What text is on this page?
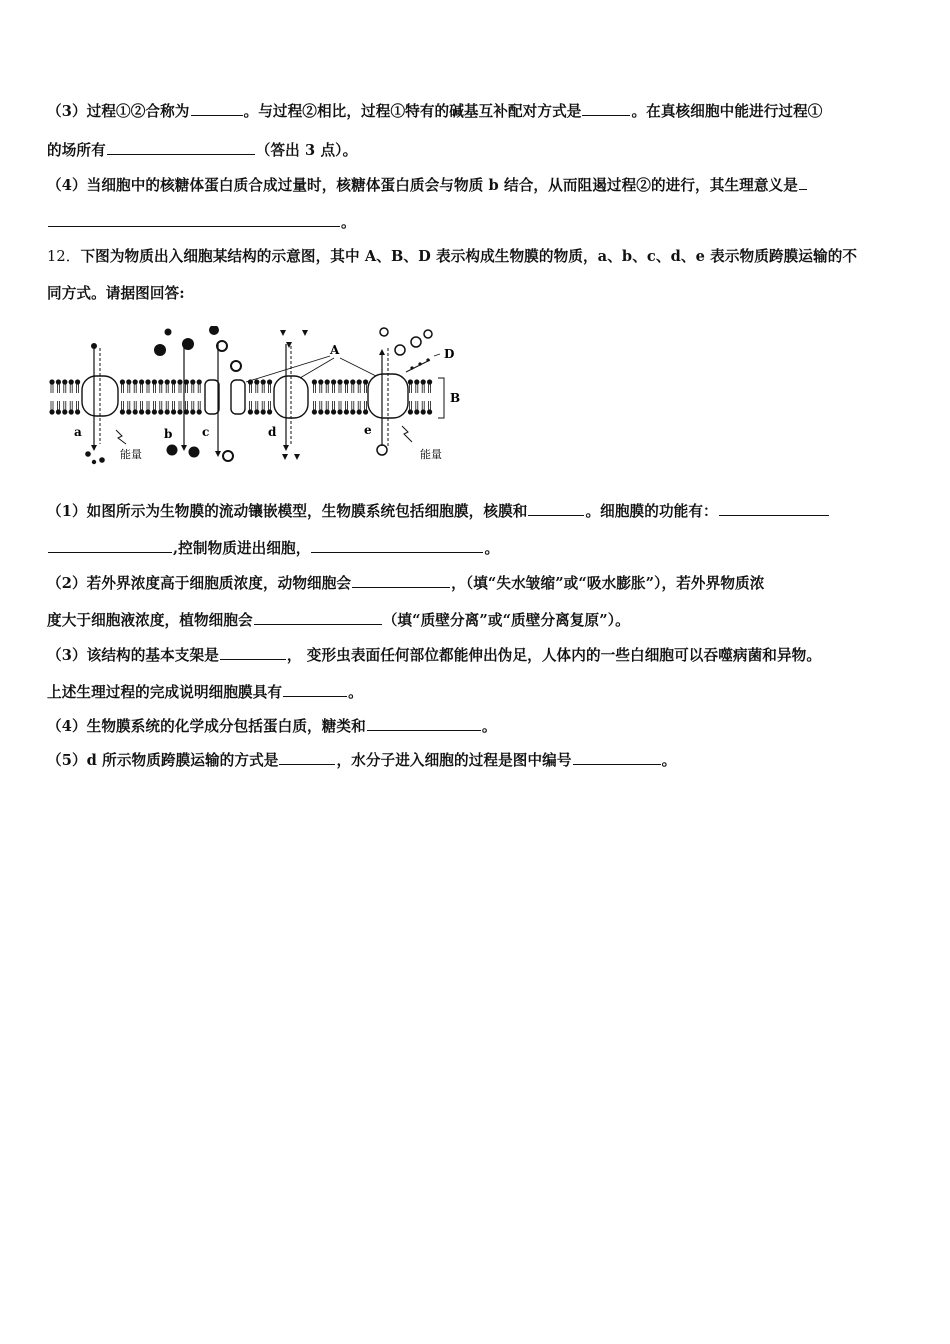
（3）过程①②合称为	。与过程②相比，过程①特有的碱基互补配对方式是	。在真核细胞中能进行过程①
的场所有	（答出 3 点）。
（4）当细胞中的核糖体蛋白质合成过量时，核糖体蛋白质会与物质 b 结合，从而阻遏过程②的进行，其生理意义是
。
12．下图为物质出入细胞某结构的示意图，其中 A、B、D 表示构成生物膜的物质，a、b、c、d、e 表示物质跨膜运输的不
同方式。请据图回答:
B
A	D
a	b c	d	e
能量	能量
（1）如图所示为生物膜的流动镶嵌模型，生物膜系统包括细胞膜，核膜和	。细胞膜的功能有：
,控制物质进出细胞，	。
（2）若外界浓度高于细胞质浓度，动物细胞会	，（填“失水皱缩”或“吸水膨胀”），若外界物质浓
度大于细胞液浓度，植物细胞会	（填“质壁分离”或“质壁分离复原”）。
（3）该结构的基本支架是	， 变形虫表面任何部位都能伸出伪足，人体内的一些白细胞可以吞噬病菌和异物。
上述生理过程的完成说明细胞膜具有	。
（4）生物膜系统的化学成分包括蛋白质，糖类和	。
（5）d 所示物质跨膜运输的方式是	，水分子进入细胞的过程是图中编号	。
